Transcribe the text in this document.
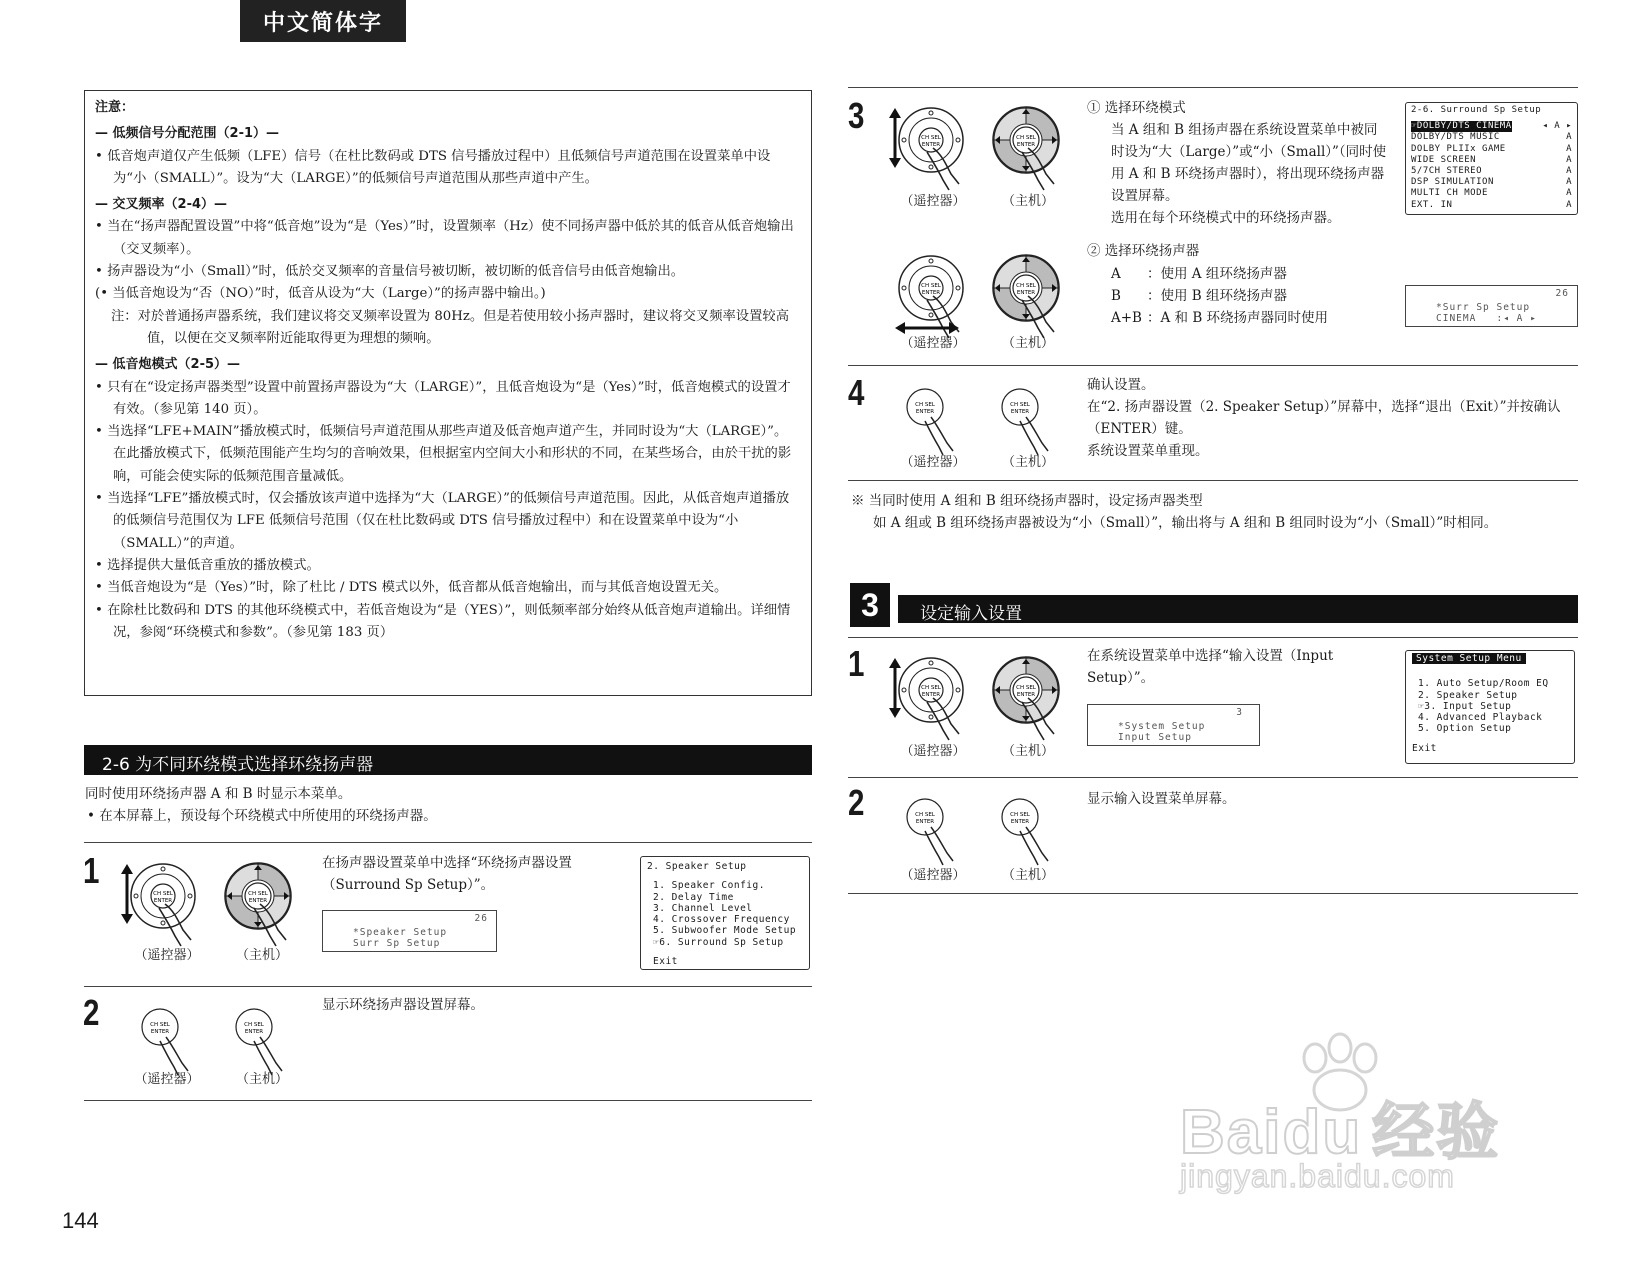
中文简体字

注意：

— 低频信号分配范围（2-1）—

• 低音炮声道仅产生低频（LFE）信号（在杜比数码或 DTS 信号播放过程中）且低频信号声道范围在设置菜单中设为“小（SMALL）”。设为“大（LARGE）”的低频信号声道范围从那些声道中产生。

— 交叉频率（2-4）—

• 当在“扬声器配置设置”中将“低音炮”设为“是（Yes）”时，设置频率（Hz）使不同扬声器中低於其的低音从低音炮输出（交叉频率）。

• 扬声器设为“小（Small）”时，低於交叉频率的音量信号被切断，被切断的低音信号由低音炮输出。

(• 当低音炮设为“否（NO）”时，低音从设为“大（Large）”的扬声器中输出。)

注：对於普通扬声器系统，我们建议将交叉频率设置为 80Hz。但是若使用较小扬声器时，建议将交叉频率设置较高值，以便在交叉频率附近能取得更为理想的频响。

— 低音炮模式（2-5）—

• 只有在“设定扬声器类型”设置中前置扬声器设为“大（LARGE）”，且低音炮设为“是（Yes）”时，低音炮模式的设置才有效。（参见第 140 页）。

• 当选择“LFE+MAIN”播放模式时，低频信号声道范围从那些声道及低音炮声道产生，并同时设为“大（LARGE）”。

在此播放模式下，低频范围能产生均匀的音响效果，但根据室内空间大小和形状的不同，在某些场合，由於干扰的影响，可能会使实际的低频范围音量减低。

• 当选择“LFE”播放模式时，仅会播放该声道中选择为“大（LARGE）”的低频信号声道范围。因此，从低音炮声道播放的低频信号范围仅为 LFE 低频信号范围（仅在杜比数码或 DTS 信号播放过程中）和在设置菜单中设为“小（SMALL）”的声道。

• 选择提供大量低音重放的播放模式。

• 当低音炮设为“是（Yes）”时，除了杜比 / DTS 模式以外，低音都从低音炮输出，而与其低音炮设置无关。

• 在除杜比数码和 DTS 的其他环绕模式中，若低音炮设为“是（YES）”，则低频率部分始终从低音炮声道输出。详细情况，参阅“环绕模式和参数”。（参见第 183 页）

2-6 为不同环绕模式选择环绕扬声器
同时使用环绕扬声器 A 和 B 时显示本菜单。
• 在本屏幕上，预设每个环绕模式中所使用的环绕扬声器。
1
CH SEL
ENTER
CH SEL
ENTER
（遥控器）	（主机）
在扬声器设置菜单中选择“环绕扬声器设置（Surround Sp Setup）”。
26
*Speaker Setup
Surr Sp Setup
2. Speaker Setup
1. Speaker Config.
2. Delay Time
3. Channel Level
4. Crossover Frequency
5. Subwoofer Mode Setup
☞6. Surround Sp Setup
Exit
2	CH SEL
ENTER
CH SEL
ENTER
（遥控器）	（主机）
显示环绕扬声器设置屏幕。
3
CH SEL
ENTER
CH SEL
ENTER
（遥控器）	（主机）
CH SEL
ENTER
CH SEL
ENTER
（遥控器）	（主机）
① 选择环绕模式
当 A 组和 B 组扬声器在系统设置菜单中被同时设为“大（Large）”或“小（Small）”（同时使用 A 和 B 环绕扬声器时），将出现环绕扬声器设置屏幕。
选用在每个环绕模式中的环绕扬声器。
② 选择环绕扬声器
A	：使用 A 组环绕扬声器
B	：使用 B 组环绕扬声器
A+B ：A 和 B 环绕扬声器同时使用
2-6. Surround Sp Setup
☞DOLBY/DTS CINEMA	◂ A ▸
DOLBY/DTS MUSIC	A
DOLBY PLIIx GAME	A
WIDE SCREEN	A
5/7CH STEREO	A
DSP SIMULATION	A
MULTI CH MODE	A
EXT. IN	A
26
*Surr Sp Setup
CINEMA   :◂ A ▸
4	CH SEL
ENTER
CH SEL
ENTER
（遥控器）	（主机）
确认设置。
在“2. 扬声器设置（2. Speaker Setup）”屏幕中，选择“退出（Exit）”并按确认（ENTER）键。
系统设置菜单重现。
※ 当同时使用 A 组和 B 组环绕扬声器时，设定扬声器类型
如 A 组或 B 组环绕扬声器被设为“小（Small）”，输出将与 A 组和 B 组同时设为“小（Small）”时相同。
3	设定输入设置
1
CH SEL
ENTER
CH SEL
ENTER
（遥控器）	（主机）
在系统设置菜单中选择“输入设置（Input Setup）”。
3
*System Setup
Input Setup
System Setup Menu
1. Auto Setup/Room EQ
2. Speaker Setup
☞3. Input Setup
4. Advanced Playback
5. Option Setup
Exit
2	CH SEL
ENTER
CH SEL
ENTER
（遥控器）	（主机）
显示输入设置菜单屏幕。
144
Baidu 经验
jingyan.baidu.com
